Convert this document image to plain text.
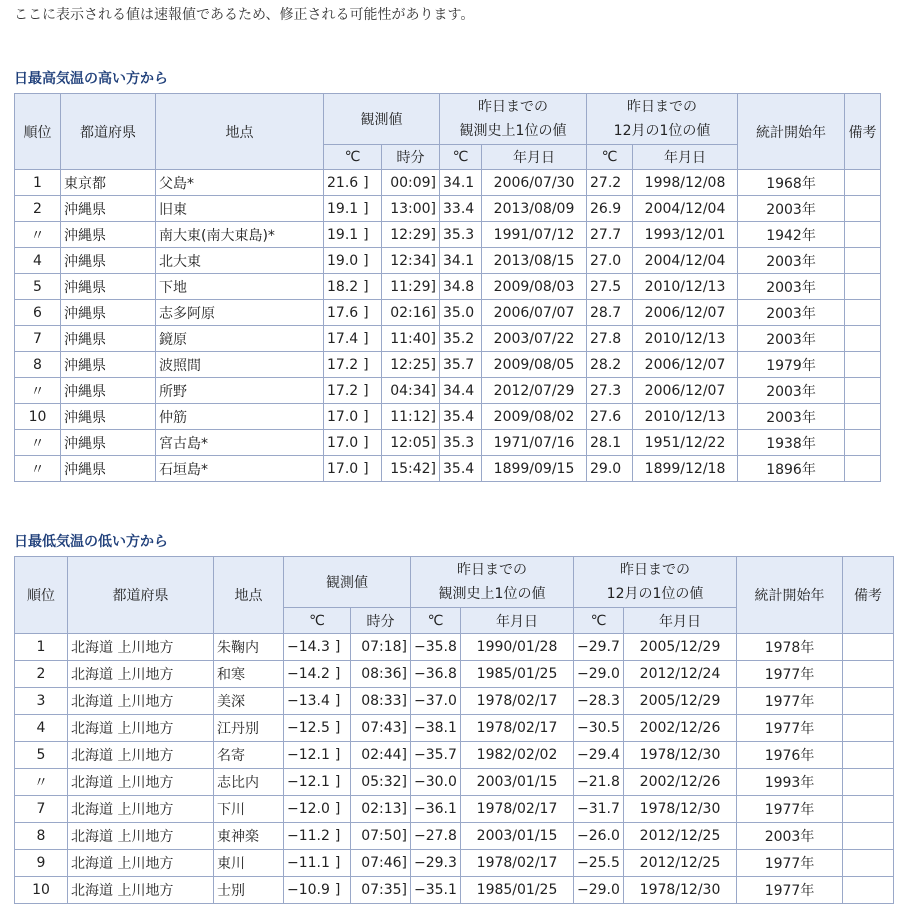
ここに表示される値は速報値であるため、修正される可能性があります。
日最高気温の高い方から
順位	都道府県	地点	観測値		昨日までの
観測史上1位の値		昨日までの
12月の1位の値		統計開始年	備考
			℃	時分	℃	年月日	℃	年月日		
1	東京都	父島*	21.6 ]	00:09]	34.1	2006/07/30	27.2	1998/12/08	1968年	
2	沖縄県	旧東	19.1 ]	13:00]	33.4	2013/08/09	26.9	2004/12/04	2003年	
〃	沖縄県	南大東(南大東島)*	19.1 ]	12:29]	35.3	1991/07/12	27.7	1993/12/01	1942年	
4	沖縄県	北大東	19.0 ]	12:34]	34.1	2013/08/15	27.0	2004/12/04	2003年	
5	沖縄県	下地	18.2 ]	11:29]	34.8	2009/08/03	27.5	2010/12/13	2003年	
6	沖縄県	志多阿原	17.6 ]	02:16]	35.0	2006/07/07	28.7	2006/12/07	2003年	
7	沖縄県	鏡原	17.4 ]	11:40]	35.2	2003/07/22	27.8	2010/12/13	2003年	
8	沖縄県	波照間	17.2 ]	12:25]	35.7	2009/08/05	28.2	2006/12/07	1979年	
〃	沖縄県	所野	17.2 ]	04:34]	34.4	2012/07/29	27.3	2006/12/07	2003年	
10	沖縄県	仲筋	17.0 ]	11:12]	35.4	2009/08/02	27.6	2010/12/13	2003年	
〃	沖縄県	宮古島*	17.0 ]	12:05]	35.3	1971/07/16	28.1	1951/12/22	1938年	
〃	沖縄県	石垣島*	17.0 ]	15:42]	35.4	1899/09/15	29.0	1899/12/18	1896年	
日最低気温の低い方から
順位	都道府県	地点	観測値		昨日までの
観測史上1位の値		昨日までの
12月の1位の値		統計開始年	備考
			℃	時分	℃	年月日	℃	年月日		
1	北海道 上川地方	朱鞠内	−14.3 ]	07:18]	−35.8	1990/01/28	−29.7	2005/12/29	1978年	
2	北海道 上川地方	和寒	−14.2 ]	08:36]	−36.8	1985/01/25	−29.0	2012/12/24	1977年	
3	北海道 上川地方	美深	−13.4 ]	08:33]	−37.0	1978/02/17	−28.3	2005/12/29	1977年	
4	北海道 上川地方	江丹別	−12.5 ]	07:43]	−38.1	1978/02/17	−30.5	2002/12/26	1977年	
5	北海道 上川地方	名寄	−12.1 ]	02:44]	−35.7	1982/02/02	−29.4	1978/12/30	1976年	
〃	北海道 上川地方	志比内	−12.1 ]	05:32]	−30.0	2003/01/15	−21.8	2002/12/26	1993年	
7	北海道 上川地方	下川	−12.0 ]	02:13]	−36.1	1978/02/17	−31.7	1978/12/30	1977年	
8	北海道 上川地方	東神楽	−11.2 ]	07:50]	−27.8	2003/01/15	−26.0	2012/12/25	2003年	
9	北海道 上川地方	東川	−11.1 ]	07:46]	−29.3	1978/02/17	−25.5	2012/12/25	1977年	
10	北海道 上川地方	士別	−10.9 ]	07:35]	−35.1	1985/01/25	−29.0	1978/12/30	1977年	
